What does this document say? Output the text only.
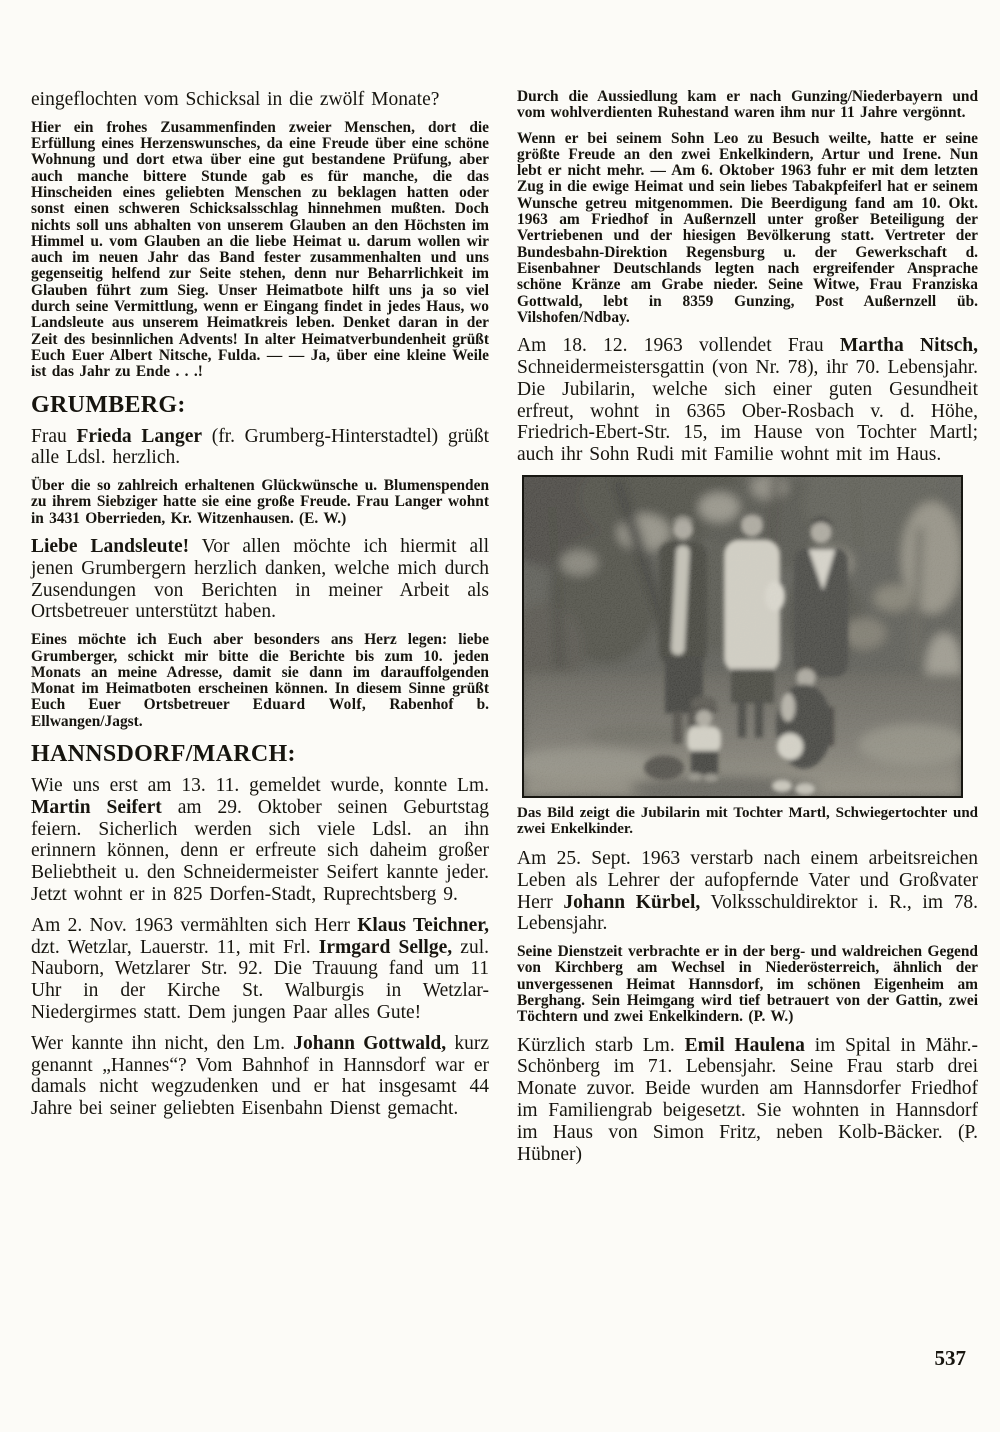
eingeflochten vom Schicksal in die zwölf Monate?

Hier ein frohes Zusammenfinden zweier Menschen, dort die Erfüllung eines Herzenswunsches, da eine Freude über eine schöne Wohnung und dort etwa über eine gut bestandene Prüfung, aber auch manche bittere Stunde gab es für manche, die das Hinscheiden eines geliebten Menschen zu beklagen hatten oder sonst einen schweren Schicksalsschlag hinnehmen mußten. Doch nichts soll uns abhalten von unserem Glauben an den Höchsten im Himmel u. vom Glauben an die liebe Heimat u. darum wollen wir auch im neuen Jahr das Band fester zusammenhalten und uns gegenseitig helfend zur Seite stehen, denn nur Beharrlichkeit im Glauben führt zum Sieg. Unser Heimatbote hilft uns ja so viel durch seine Vermittlung, wenn er Eingang findet in jedes Haus, wo Landsleute aus unserem Heimatkreis leben. Denket daran in der Zeit des besinnlichen Advents! In alter Heimatverbundenheit grüßt Euch Euer Albert Nitsche, Fulda. — — Ja, über eine kleine Weile ist das Jahr zu Ende . . .!

GRUMBERG:

Frau Frieda Langer (fr. Grumberg-Hinterstadtel) grüßt alle Ldsl. herzlich.

Über die so zahlreich erhaltenen Glückwünsche u. Blumenspenden zu ihrem Siebziger hatte sie eine große Freude. Frau Langer wohnt in 3431 Oberrieden, Kr. Witzenhausen. (E. W.)

Liebe Landsleute! Vor allen möchte ich hiermit all jenen Grumbergern herzlich danken, welche mich durch Zusendungen von Berichten in meiner Arbeit als Ortsbetreuer unterstützt haben.

Eines möchte ich Euch aber besonders ans Herz legen: liebe Grumberger, schickt mir bitte die Berichte bis zum 10. jeden Monats an meine Adresse, damit sie dann im darauffolgenden Monat im Heimatboten erscheinen können. In diesem Sinne grüßt Euch Euer Ortsbetreuer Eduard Wolf, Rabenhof b. Ellwangen/Jagst.

HANNSDORF/MARCH:

Wie uns erst am 13. 11. gemeldet wurde, konnte Lm. Martin Seifert am 29. Oktober seinen Geburtstag feiern. Sicherlich werden sich viele Ldsl. an ihn erinnern können, denn er erfreute sich daheim großer Beliebtheit u. den Schneidermeister Seifert kannte jeder. Jetzt wohnt er in 825 Dorfen-Stadt, Ruprechtsberg 9.

Am 2. Nov. 1963 vermählten sich Herr Klaus Teichner, dzt. Wetzlar, Lauerstr. 11, mit Frl. Irmgard Sellge, zul. Nauborn, Wetzlarer Str. 92. Die Trauung fand um 11 Uhr in der Kirche St. Walburgis in Wetzlar-Niedergirmes statt. Dem jungen Paar alles Gute!

Wer kannte ihn nicht, den Lm. Johann Gottwald, kurz genannt „Hannes“? Vom Bahnhof in Hannsdorf war er damals nicht wegzudenken und er hat insgesamt 44 Jahre bei seiner geliebten Eisenbahn Dienst gemacht.

Durch die Aussiedlung kam er nach Gunzing/Niederbayern und vom wohlverdienten Ruhestand waren ihm nur 11 Jahre vergönnt.

Wenn er bei seinem Sohn Leo zu Besuch weilte, hatte er seine größte Freude an den zwei Enkelkindern, Artur und Irene. Nun lebt er nicht mehr. — Am 6. Oktober 1963 fuhr er mit dem letzten Zug in die ewige Heimat und sein liebes Tabakpfeiferl hat er seinem Wunsche getreu mitgenommen. Die Beerdigung fand am 10. Okt. 1963 am Friedhof in Außernzell unter großer Beteiligung der Vertriebenen und der hiesigen Bevölkerung statt. Vertreter der Bundesbahn-Direktion Regensburg u. der Gewerkschaft d. Eisenbahner Deutschlands legten nach ergreifender Ansprache schöne Kränze am Grabe nieder. Seine Witwe, Frau Franziska Gottwald, lebt in 8359 Gunzing, Post Außernzell üb. Vilshofen/Ndbay.

Am 18. 12. 1963 vollendet Frau Martha Nitsch, Schneidermeistersgattin (von Nr. 78), ihr 70. Lebensjahr. Die Jubilarin, welche sich einer guten Gesundheit erfreut, wohnt in 6365 Ober-Rosbach v. d. Höhe, Friedrich-Ebert-Str. 15, im Hause von Tochter Martl; auch ihr Sohn Rudi mit Familie wohnt mit im Haus.

Das Bild zeigt die Jubilarin mit Tochter Martl, Schwiegertochter und zwei Enkelkinder.

Am 25. Sept. 1963 verstarb nach einem arbeitsreichen Leben als Lehrer der aufopfernde Vater und Großvater Herr Johann Kürbel, Volksschuldirektor i. R., im 78. Lebensjahr.

Seine Dienstzeit verbrachte er in der berg- und waldreichen Gegend von Kirchberg am Wechsel in Niederösterreich, ähnlich der unvergessenen Heimat Hannsdorf, im schönen Eigenheim am Berghang. Sein Heimgang wird tief betrauert von der Gattin, zwei Töchtern und zwei Enkelkindern. (P. W.)

Kürzlich starb Lm. Emil Haulena im Spital in Mähr.-Schönberg im 71. Lebensjahr. Seine Frau starb drei Monate zuvor. Beide wurden am Hannsdorfer Friedhof im Familiengrab beigesetzt. Sie wohnten in Hannsdorf im Haus von Simon Fritz, neben Kolb-Bäcker. (P. Hübner)

537
